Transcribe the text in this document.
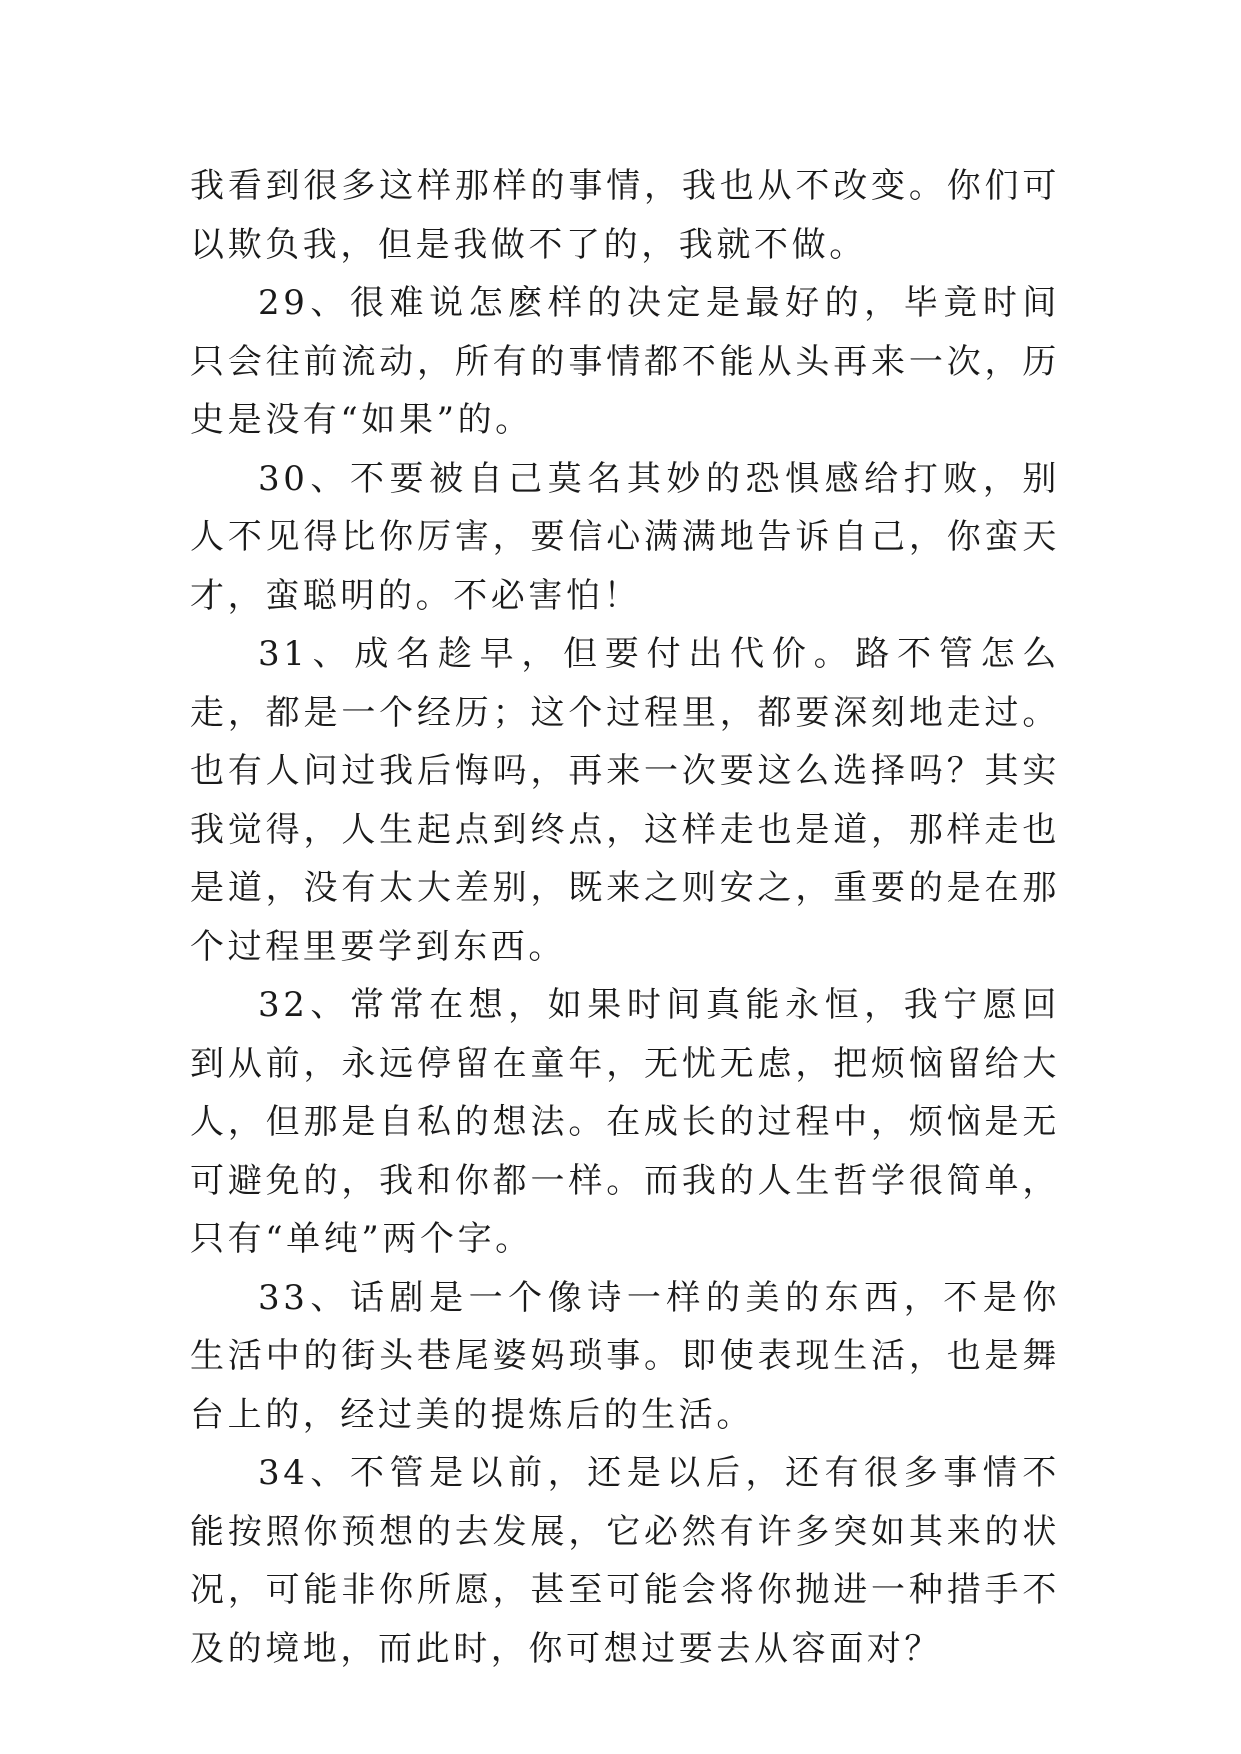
我看到很多这样那样的事情，我也从不改变。你们可以欺负我，但是我做不了的，我就不做。

29、很难说怎麽样的决定是最好的，毕竟时间只会往前流动，所有的事情都不能从头再来一次，历史是没有“如果”的。

30、不要被自己莫名其妙的恐惧感给打败，别人不见得比你厉害，要信心满满地告诉自己，你蛮天才，蛮聪明的。不必害怕！

31、成名趁早，但要付出代价。路不管怎么走，都是一个经历；这个过程里，都要深刻地走过。也有人问过我后悔吗，再来一次要这么选择吗？其实我觉得，人生起点到终点，这样走也是道，那样走也是道，没有太大差别，既来之则安之，重要的是在那个过程里要学到东西。

32、常常在想，如果时间真能永恒，我宁愿回到从前，永远停留在童年，无忧无虑，把烦恼留给大人，但那是自私的想法。在成长的过程中，烦恼是无可避免的，我和你都一样。而我的人生哲学很简单，只有“单纯”两个字。

33、话剧是一个像诗一样的美的东西，不是你生活中的街头巷尾婆妈琐事。即使表现生活，也是舞台上的，经过美的提炼后的生活。

34、不管是以前，还是以后，还有很多事情不能按照你预想的去发展，它必然有许多突如其来的状况，可能非你所愿，甚至可能会将你抛进一种措手不及的境地，而此时，你可想过要去从容面对？
